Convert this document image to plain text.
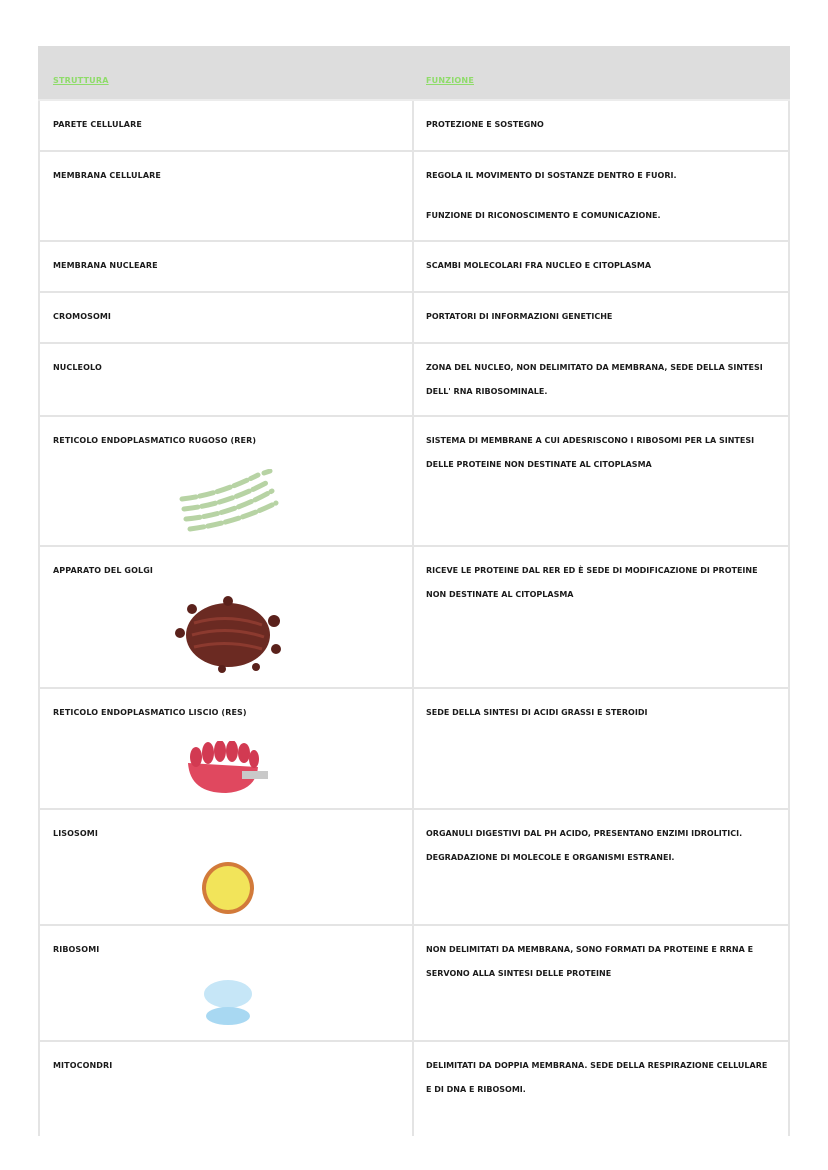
STRUTTURA	FUNZIONE
PARETE CELLULARE	PROTEZIONE E SOSTEGNO

MEMBRANA CELLULARE	REGOLA IL MOVIMENTO DI SOSTANZE DENTRO E FUORI.

FUNZIONE DI RICONOSCIMENTO E COMUNICAZIONE.

MEMBRANA NUCLEARE	SCAMBI MOLECOLARI FRA NUCLEO E CITOPLASMA

CROMOSOMI	PORTATORI DI INFORMAZIONI GENETICHE

NUCLEOLO	ZONA DEL NUCLEO, NON DELIMITATO DA MEMBRANA, SEDE DELLA SINTESI DELL' RNA RIBOSOMINALE.

RETICOLO ENDOPLASMATICO RUGOSO (RER)	SISTEMA DI MEMBRANE A CUI ADESRISCONO I RIBOSOMI PER LA SINTESI DELLE PROTEINE NON DESTINATE AL CITOPLASMA

APPARATO DEL GOLGI	RICEVE LE PROTEINE DAL RER ED È SEDE DI MODIFICAZIONE DI PROTEINE NON DESTINATE AL CITOPLASMA

RETICOLO ENDOPLASMATICO LISCIO (RES)	SEDE DELLA SINTESI DI ACIDI GRASSI E STEROIDI

LISOSOMI	ORGANULI DIGESTIVI DAL PH ACIDO, PRESENTANO ENZIMI IDROLITICI. DEGRADAZIONE DI MOLECOLE E ORGANISMI ESTRANEI.

RIBOSOMI	NON DELIMITATI DA MEMBRANA, SONO FORMATI DA PROTEINE E RRNA E SERVONO ALLA SINTESI DELLE PROTEINE

MITOCONDRI	DELIMITATI DA DOPPIA MEMBRANA. SEDE DELLA RESPIRAZIONE CELLULARE E DI DNA E RIBOSOMI.
